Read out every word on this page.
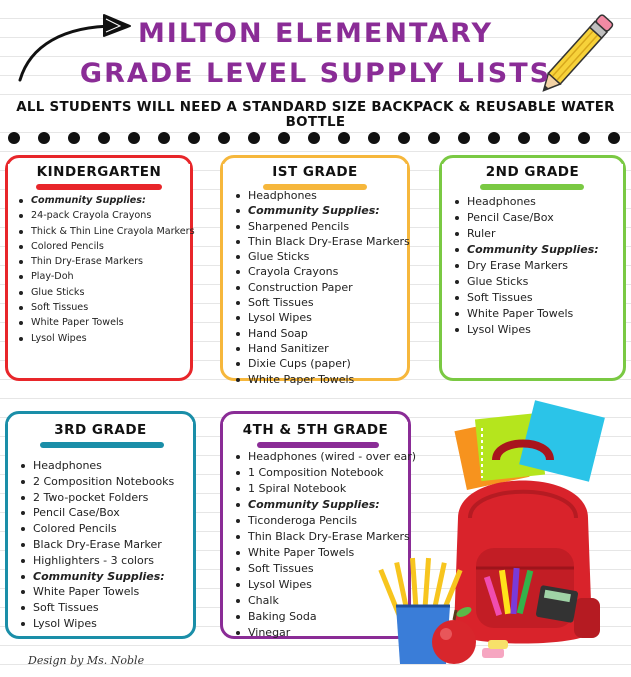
MILTON ELEMENTARY
GRADE LEVEL SUPPLY LISTS
ALL STUDENTS WILL NEED A STANDARD SIZE BACKPACK & REUSABLE WATER BOTTLE
KINDERGARTEN
Community Supplies:
24-pack Crayola Crayons
Thick & Thin Line Crayola Markers
Colored Pencils
Thin Dry-Erase Markers
Play-Doh
Glue Sticks
Soft Tissues
White Paper Towels
Lysol Wipes
IST GRADE
Headphones
Community Supplies:
Sharpened Pencils
Thin Black Dry-Erase Markers
Glue Sticks
Crayola Crayons
Construction Paper
Soft Tissues
Lysol Wipes
Hand Soap
Hand Sanitizer
Dixie Cups (paper)
White Paper Towels
2ND GRADE
Headphones
Pencil Case/Box
Ruler
Community Supplies:
Dry Erase Markers
Glue Sticks
Soft Tissues
White Paper Towels
Lysol Wipes
3RD GRADE
Headphones
2 Composition Notebooks
2 Two-pocket Folders
Pencil Case/Box
Colored Pencils
Black Dry-Erase Marker
Highlighters - 3 colors
Community Supplies:
White Paper Towels
Soft Tissues
Lysol Wipes
4TH & 5TH GRADE
Headphones (wired - over ear)
1 Composition Notebook
1 Spiral Notebook
Community Supplies:
Ticonderoga Pencils
Thin Black Dry-Erase Markers
White Paper Towels
Soft Tissues
Lysol Wipes
Chalk
Baking Soda
Vinegar
Design by Ms. Noble
